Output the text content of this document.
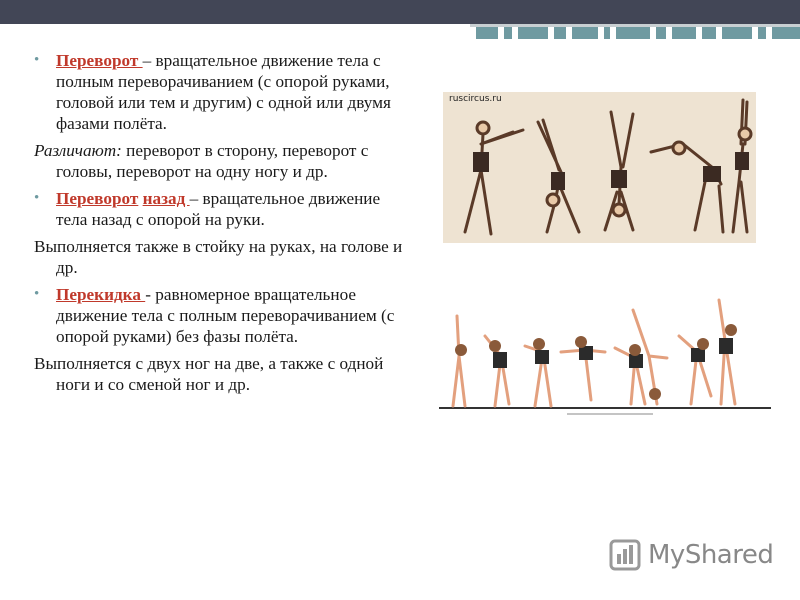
• Переворот – вращательное движение тела с полным переворачиванием (с опорой руками, головой или тем и другим) с одной или двумя фазами полёта.
Различают: переворот в сторону, переворот с головы, переворот на одну ногу и др.
• Переворот назад – вращательное движение тела назад с опорой на руки.
Выполняется также в стойку на руках, на голове и др.
• Перекидка - равномерное вращательное движение тела с полным переворачиванием (с опорой руками) без фазы полёта.
Выполняется с двух ног на две, а также с одной ноги и со сменой ног и др.
ruscircus.ru
MyShared
